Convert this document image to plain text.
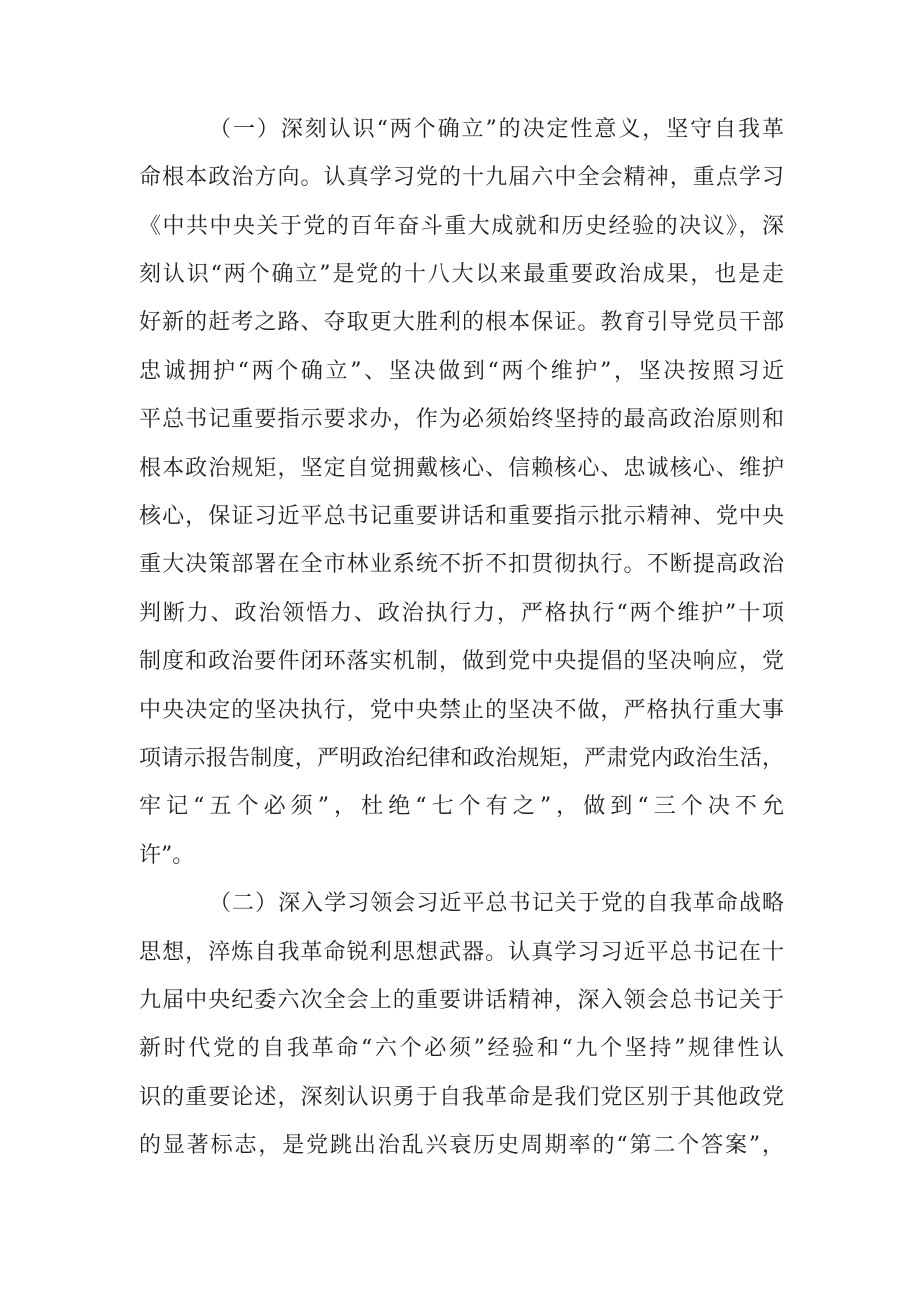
（一）深刻认识“两个确立”的决定性意义，坚守自我革
命根本政治方向。认真学习党的十九届六中全会精神，重点学习
《中共中央关于党的百年奋斗重大成就和历史经验的决议》，深
刻认识“两个确立”是党的十八大以来最重要政治成果，也是走
好新的赶考之路、夺取更大胜利的根本保证。教育引导党员干部
忠诚拥护“两个确立”、坚决做到“两个维护”，坚决按照习近
平总书记重要指示要求办，作为必须始终坚持的最高政治原则和
根本政治规矩，坚定自觉拥戴核心、信赖核心、忠诚核心、维护
核心，保证习近平总书记重要讲话和重要指示批示精神、党中央
重大决策部署在全市林业系统不折不扣贯彻执行。不断提高政治
判断力、政治领悟力、政治执行力，严格执行“两个维护”十项
制度和政治要件闭环落实机制，做到党中央提倡的坚决响应，党
中央决定的坚决执行，党中央禁止的坚决不做，严格执行重大事
项请示报告制度，严明政治纪律和政治规矩，严肃党内政治生活，
牢记“五个必须”，杜绝“七个有之”，做到“三个决不允
许”。
（二）深入学习领会习近平总书记关于党的自我革命战略
思想，淬炼自我革命锐利思想武器。认真学习习近平总书记在十
九届中央纪委六次全会上的重要讲话精神，深入领会总书记关于
新时代党的自我革命“六个必须”经验和“九个坚持”规律性认
识的重要论述，深刻认识勇于自我革命是我们党区别于其他政党
的显著标志，是党跳出治乱兴衰历史周期率的“第二个答案”，
